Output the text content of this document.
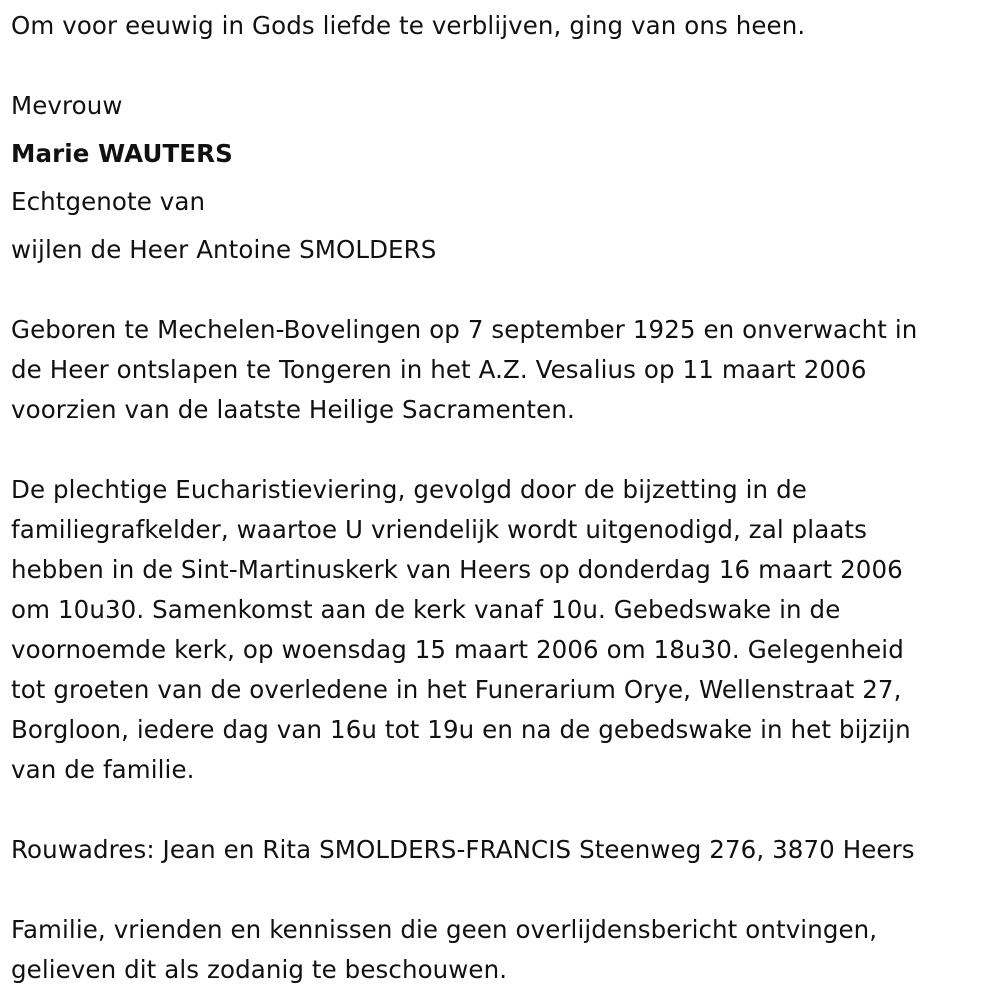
Om voor eeuwig in Gods liefde te verblijven, ging van ons heen.
Mevrouw
Marie WAUTERS
Echtgenote van
wijlen de Heer Antoine SMOLDERS
Geboren te Mechelen-Bovelingen op 7 september 1925 en onverwacht in
de Heer ontslapen te Tongeren in het A.Z. Vesalius op 11 maart 2006
voorzien van de laatste Heilige Sacramenten.
De plechtige Eucharistieviering, gevolgd door de bijzetting in de
familiegrafkelder, waartoe U vriendelijk wordt uitgenodigd, zal plaats
hebben in de Sint-Martinuskerk van Heers op donderdag 16 maart 2006
om 10u30. Samenkomst aan de kerk vanaf 10u. Gebedswake in de
voornoemde kerk, op woensdag 15 maart 2006 om 18u30. Gelegenheid
tot groeten van de overledene in het Funerarium Orye, Wellenstraat 27,
Borgloon, iedere dag van 16u tot 19u en na de gebedswake in het bijzijn
van de familie.
Rouwadres: Jean en Rita SMOLDERS-FRANCIS Steenweg 276, 3870 Heers
Familie, vrienden en kennissen die geen overlijdensbericht ontvingen,
gelieven dit als zodanig te beschouwen.
